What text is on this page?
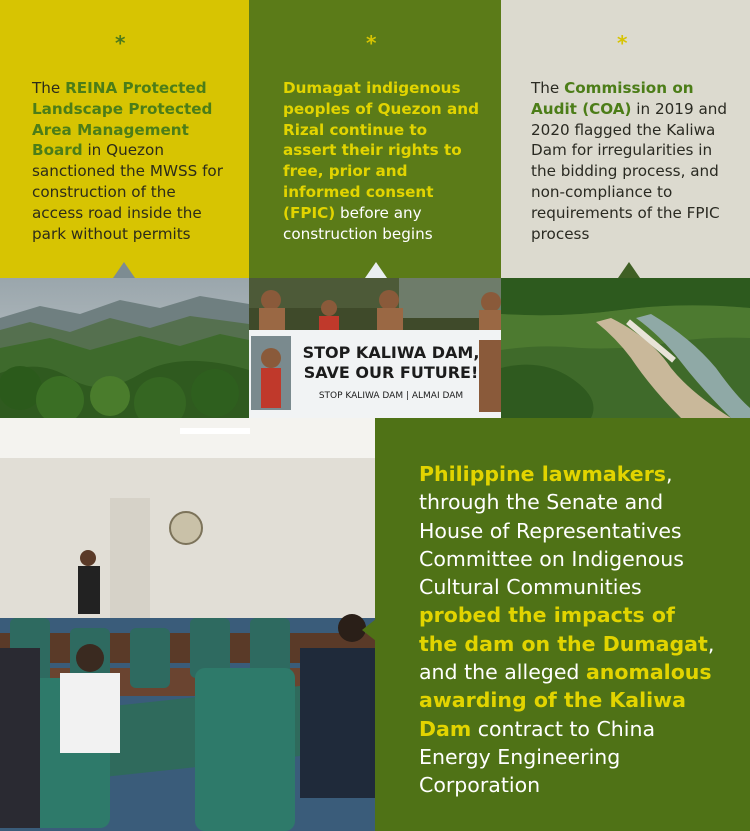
*

The REINA Protected Landscape Protected Area Management Board in Quezon sanctioned the MWSS for construction of the access road inside the park without permits

*

Dumagat indigenous peoples of Quezon and Rizal continue to assert their rights to free, prior and informed consent (FPIC) before any construction begins

*

The Commission on Audit (COA) in 2019 and 2020 flagged the Kaliwa Dam for irregularities in the bidding process, and non-compliance to requirements of the FPIC process

STOP KALIWA DAM,
SAVE OUR FUTURE!
STOP KALIWA DAM | ALMAI DAM

Philippine lawmakers, through the Senate and House of Representatives Committee on Indigenous Cultural Communities probed the impacts of the dam on the Dumagat, and the alleged anomalous awarding of the Kaliwa Dam contract to China Energy Engineering Corporation
